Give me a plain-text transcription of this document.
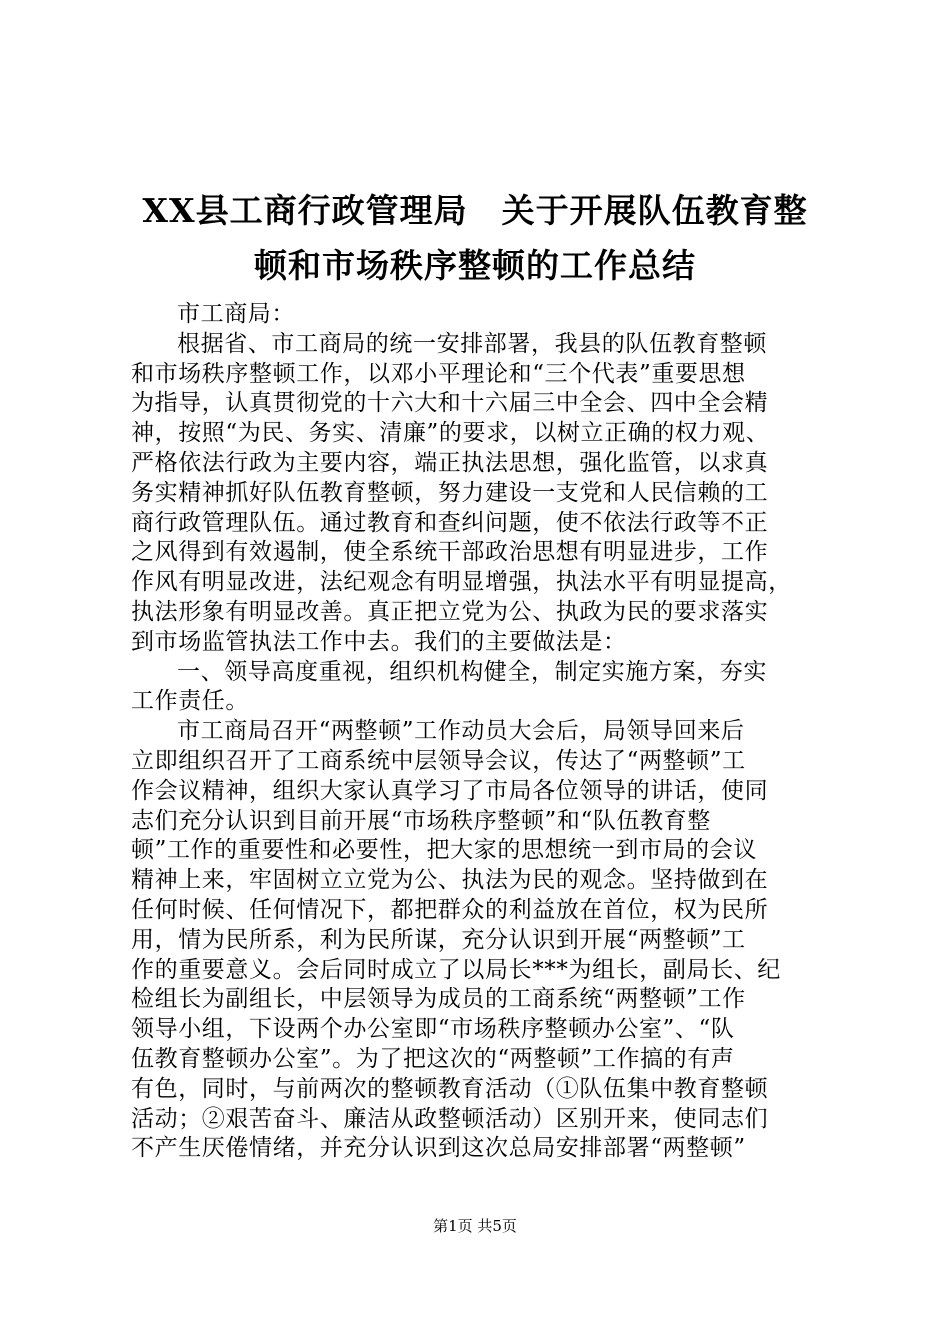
XX县工商行政管理局　关于开展队伍教育整
顿和市场秩序整顿的工作总结
市工商局：
根据省、市工商局的统一安排部署，我县的队伍教育整顿
和市场秩序整顿工作，以邓小平理论和“三个代表”重要思想
为指导，认真贯彻党的十六大和十六届三中全会、四中全会精
神，按照“为民、务实、清廉”的要求，以树立正确的权力观、
严格依法行政为主要内容，端正执法思想，强化监管，以求真
务实精神抓好队伍教育整顿，努力建设一支党和人民信赖的工
商行政管理队伍。通过教育和查纠问题，使不依法行政等不正
之风得到有效遏制，使全系统干部政治思想有明显进步，工作
作风有明显改进，法纪观念有明显增强，执法水平有明显提高，
执法形象有明显改善。真正把立党为公、执政为民的要求落实
到市场监管执法工作中去。我们的主要做法是：
一、领导高度重视，组织机构健全，制定实施方案，夯实
工作责任。
市工商局召开“两整顿”工作动员大会后，局领导回来后
立即组织召开了工商系统中层领导会议，传达了“两整顿”工
作会议精神，组织大家认真学习了市局各位领导的讲话，使同
志们充分认识到目前开展“市场秩序整顿”和“队伍教育整
顿”工作的重要性和必要性，把大家的思想统一到市局的会议
精神上来，牢固树立立党为公、执法为民的观念。坚持做到在
任何时候、任何情况下，都把群众的利益放在首位，权为民所
用，情为民所系，利为民所谋，充分认识到开展“两整顿”工
作的重要意义。会后同时成立了以局长***为组长，副局长、纪
检组长为副组长，中层领导为成员的工商系统“两整顿”工作
领导小组，下设两个办公室即“市场秩序整顿办公室”、“队
伍教育整顿办公室”。为了把这次的“两整顿”工作搞的有声
有色，同时，与前两次的整顿教育活动（①队伍集中教育整顿
活动；②艰苦奋斗、廉洁从政整顿活动）区别开来，使同志们
不产生厌倦情绪，并充分认识到这次总局安排部署“两整顿”
第1页 共5页
